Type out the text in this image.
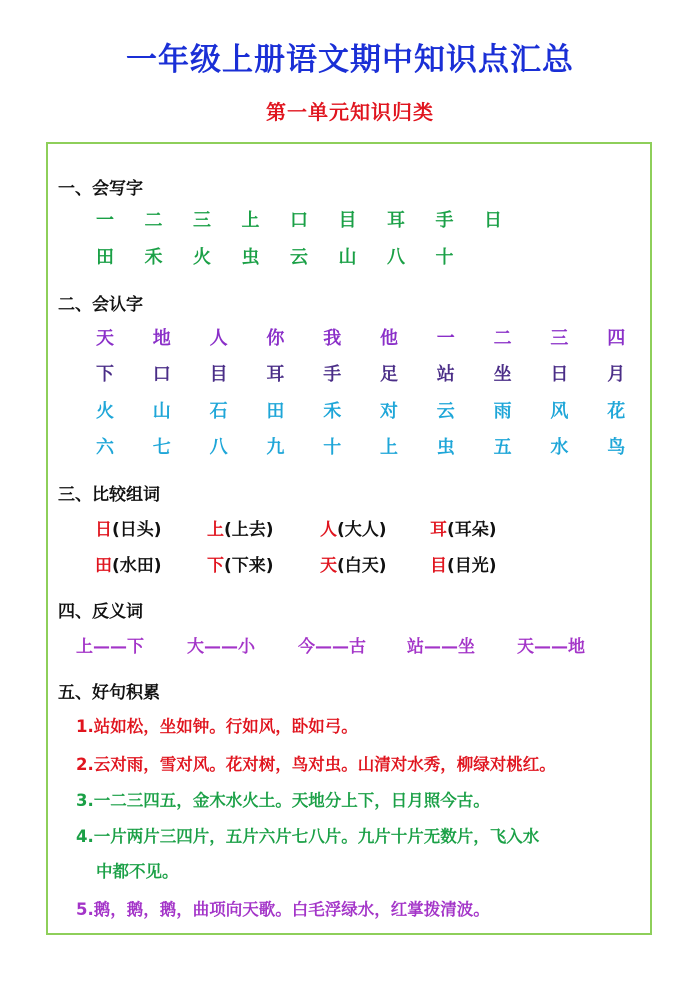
一年级上册语文期中知识点汇总
第一单元知识归类
一、会写字
一 二 三 上 口 目 耳 手 日
田 禾 火 虫 云 山 八 十
二、会认字
天 地 人 你 我 他 一 二 三 四
下 口 目 耳 手 足 站 坐 日 月
火 山 石 田 禾 对 云 雨 风 花
六 七 八 九 十 上 虫 五 水 鸟
三、比较组词
日(日头)	上(上去)	人(大人)	耳(耳朵)
田(水田)	下(下来)	天(白天)	目(目光)
四、反义词
上——下	大——小	今——古 站——坐 天——地
五、好句积累
1.站如松，坐如钟。行如风，卧如弓。
2.云对雨，雪对风。花对树，鸟对虫。山清对水秀，柳绿对桃红。
3.一二三四五，金木水火土。天地分上下，日月照今古。
4.一片两片三四片，五片六片七八片。九片十片无数片，飞入水
中都不见。
5.鹅，鹅，鹅，曲项向天歌。白毛浮绿水，红掌拨清波。
